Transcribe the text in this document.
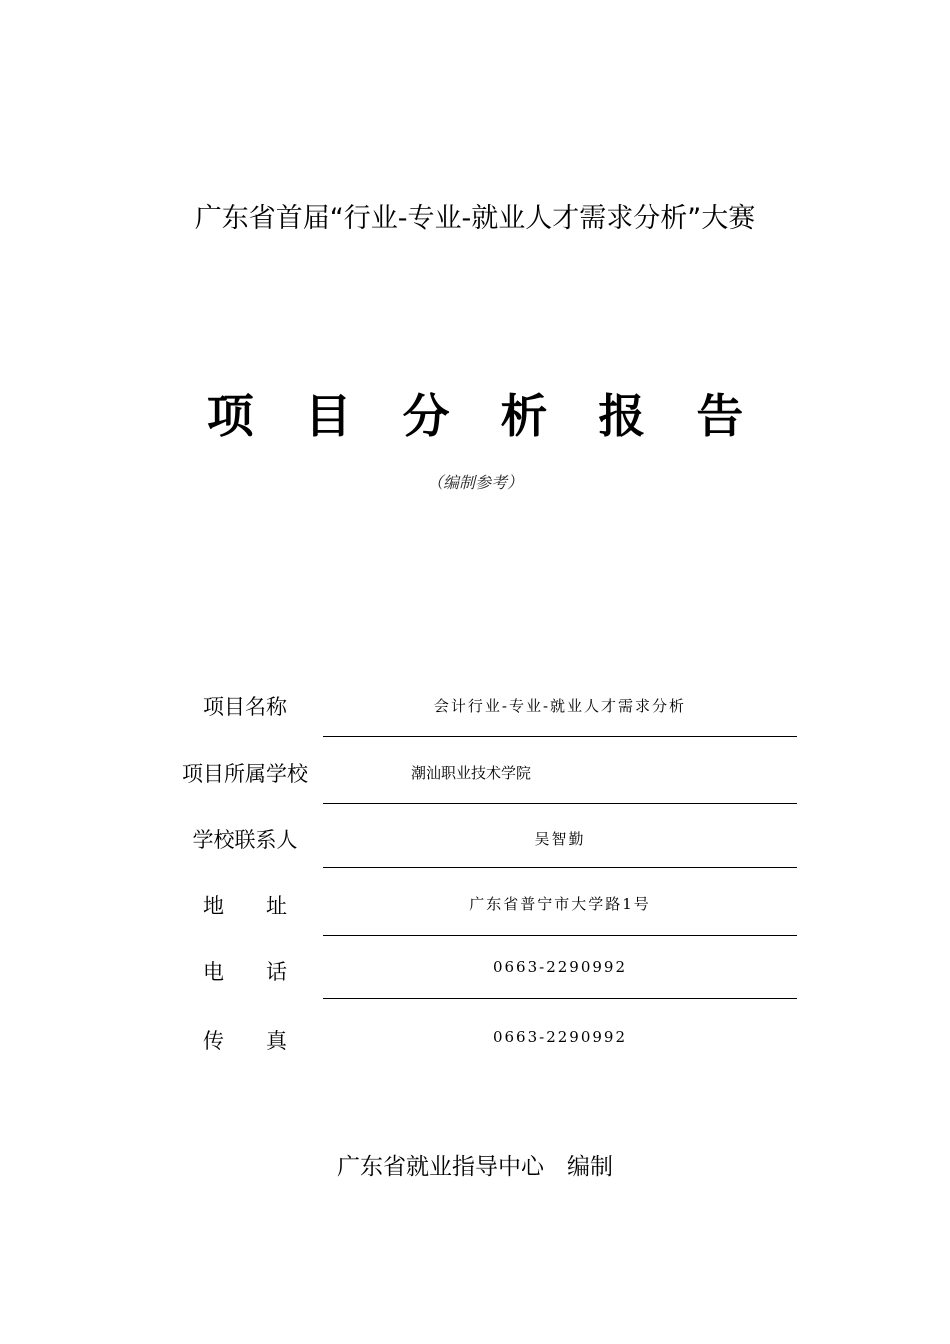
广东省首届“行业-专业-就业人才需求分析”大赛
项目分析报告
（编制参考）
项目名称	会计行业-专业-就业人才需求分析
项目所属学校	潮汕职业技术学院
学校联系人	吴智勤
地　　址	广东省普宁市大学路1号
电　　话	0663-2290992
传　　真	0663-2290992
广东省就业指导中心　编制
